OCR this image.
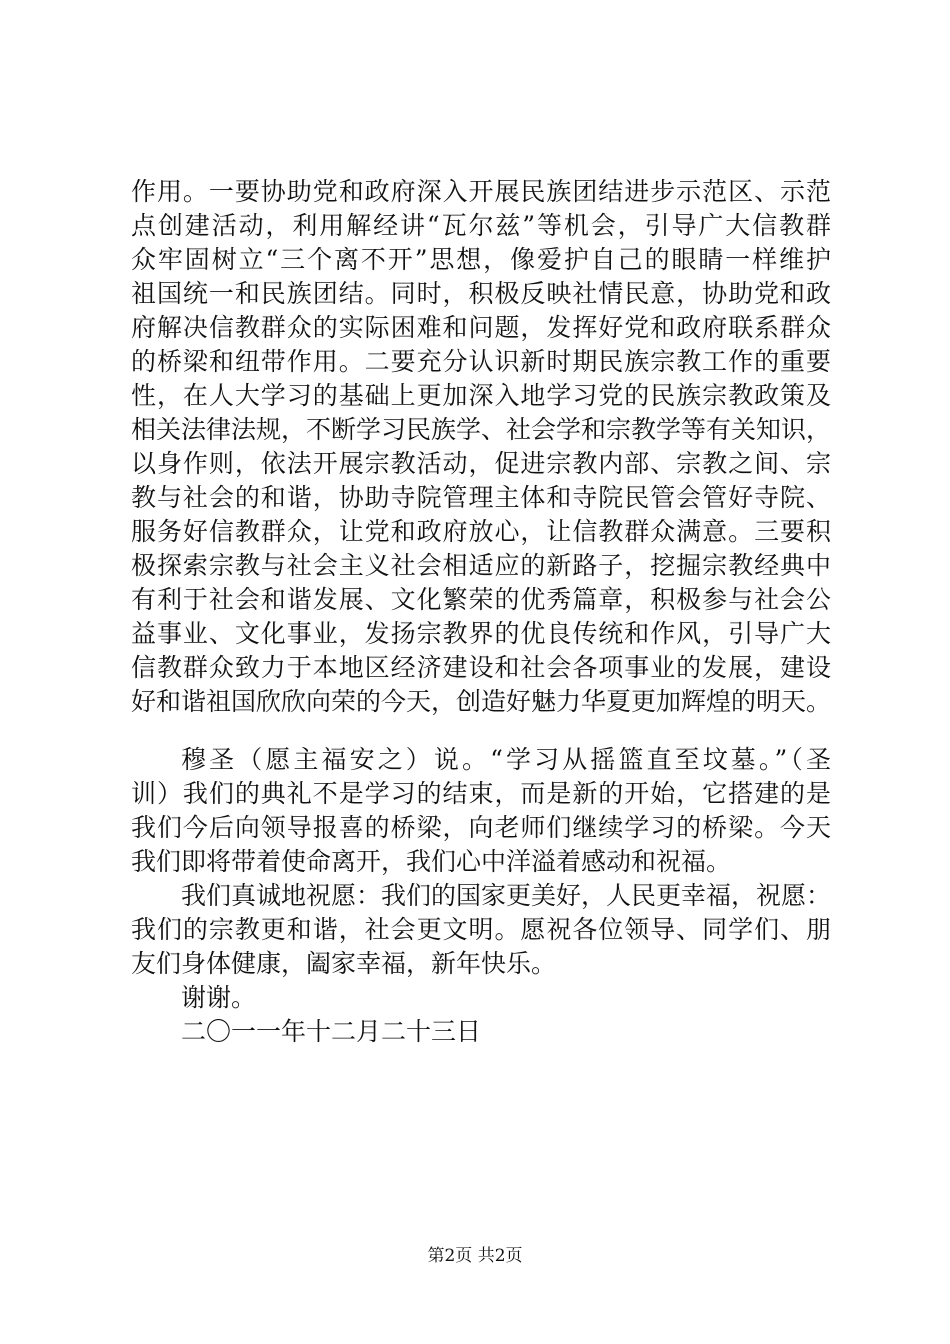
作用。一要协助党和政府深入开展民族团结进步示范区、示范
点创建活动，利用解经讲“瓦尔兹”等机会，引导广大信教群
众牢固树立“三个离不开”思想，像爱护自己的眼睛一样维护
祖国统一和民族团结。同时，积极反映社情民意，协助党和政
府解决信教群众的实际困难和问题，发挥好党和政府联系群众
的桥梁和纽带作用。二要充分认识新时期民族宗教工作的重要
性，在人大学习的基础上更加深入地学习党的民族宗教政策及
相关法律法规，不断学习民族学、社会学和宗教学等有关知识，
以身作则，依法开展宗教活动，促进宗教内部、宗教之间、宗
教与社会的和谐，协助寺院管理主体和寺院民管会管好寺院、
服务好信教群众，让党和政府放心，让信教群众满意。三要积
极探索宗教与社会主义社会相适应的新路子，挖掘宗教经典中
有利于社会和谐发展、文化繁荣的优秀篇章，积极参与社会公
益事业、文化事业，发扬宗教界的优良传统和作风，引导广大
信教群众致力于本地区经济建设和社会各项事业的发展，建设
好和谐祖国欣欣向荣的今天，创造好魅力华夏更加辉煌的明天。
穆圣（愿主福安之）说。“学习从摇篮直至坟墓。”（圣
训）我们的典礼不是学习的结束，而是新的开始，它搭建的是
我们今后向领导报喜的桥梁，向老师们继续学习的桥梁。今天
我们即将带着使命离开，我们心中洋溢着感动和祝福。
我们真诚地祝愿：我们的国家更美好，人民更幸福，祝愿：
我们的宗教更和谐，社会更文明。愿祝各位领导、同学们、朋
友们身体健康，阖家幸福，新年快乐。
谢谢。
二〇一一年十二月二十三日
第2页 共2页
